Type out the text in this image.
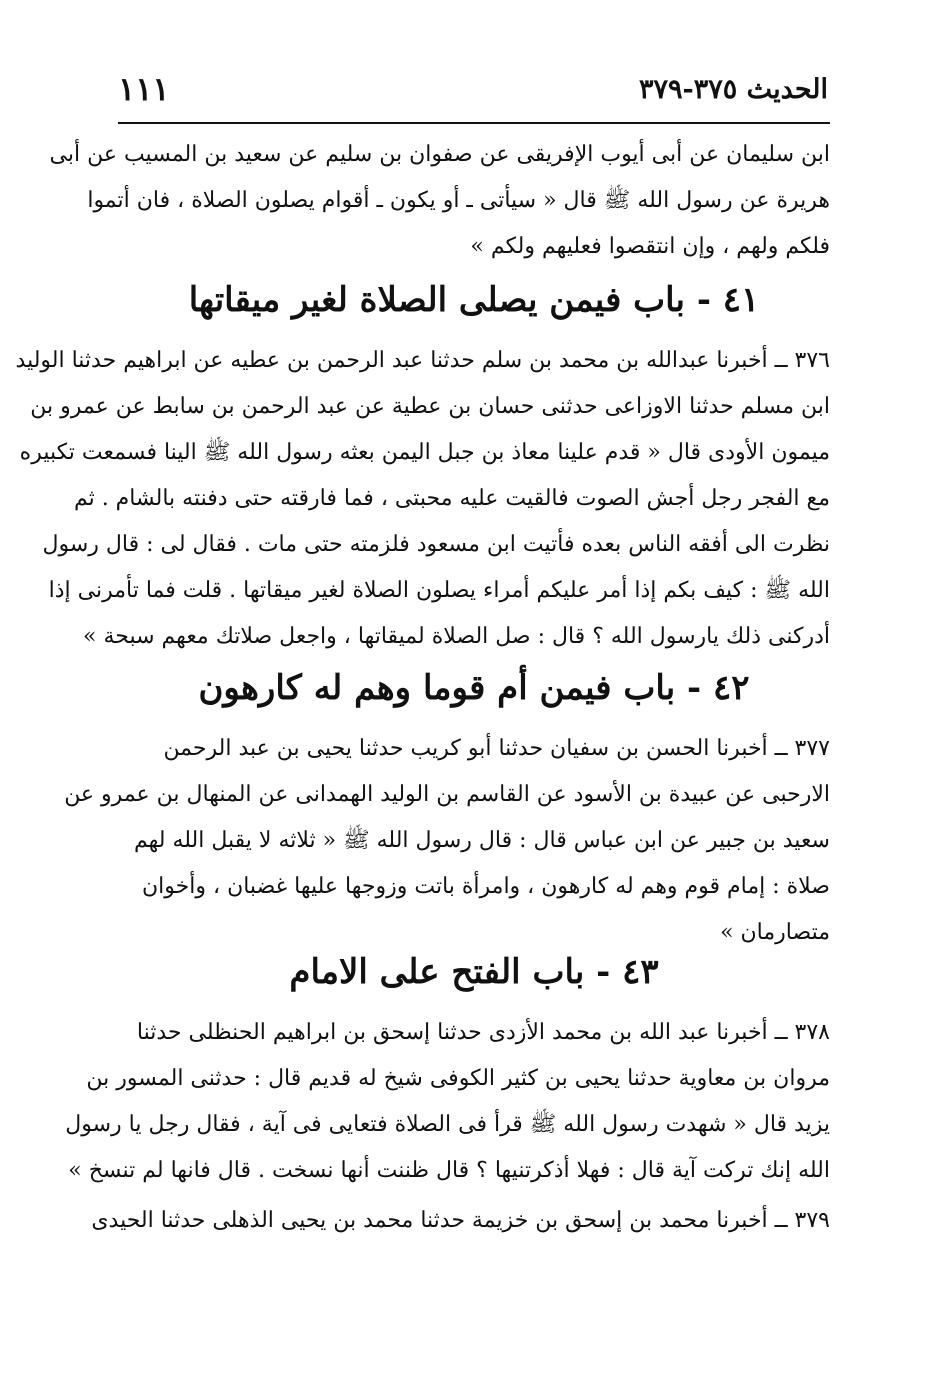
الحديث ٣٧٥-٣٧٩
١١١
ابن سليمان عن أبى أيوب الإفريقى عن صفوان بن سليم عن سعيد بن المسيب عن أبى
هريرة عن رسول الله ﷺ قال « سيأتى ـ أو يكون ـ أقوام يصلون الصلاة ، فان أتموا
فلكم ولهم ، وإن انتقصوا فعليهم ولكم »
٤١ - باب فيمن يصلى الصلاة لغير ميقاتها
٣٧٦ ــ أخبرنا عبدالله بن محمد بن سلم حدثنا عبد الرحمن بن عطيه عن ابراهيم حدثنا الوليد
ابن مسلم حدثنا الاوزاعى حدثنى حسان بن عطية عن عبد الرحمن بن سابط عن عمرو بن
ميمون الأودى قال « قدم علينا معاذ بن جبل اليمن بعثه رسول الله ﷺ الينا فسمعت تكبيره
مع الفجر رجل أجش الصوت فالقيت عليه محبتى ، فما فارقته حتى دفنته بالشام . ثم
نظرت الى أفقه الناس بعده فأتيت ابن مسعود فلزمته حتى مات . فقال لى : قال رسول
الله ﷺ : كيف بكم إذا أمر عليكم أمراء يصلون الصلاة لغير ميقاتها . قلت فما تأمرنى إذا
أدركنى ذلك يارسول الله ؟ قال : صل الصلاة لميقاتها ، واجعل صلاتك معهم سبحة »
٤٢ - باب فيمن أم قوما وهم له كارهون
٣٧٧ ــ أخبرنا الحسن بن سفيان حدثنا أبو كريب حدثنا يحيى بن عبد الرحمن
الارحبى عن عبيدة بن الأسود عن القاسم بن الوليد الهمدانى عن المنهال بن عمرو عن
سعيد بن جبير عن ابن عباس قال : قال رسول الله ﷺ « ثلاثه لا يقبل الله لهم
صلاة : إمام قوم وهم له كارهون ، وامرأة باتت وزوجها عليها غضبان ، وأخوان
متصارمان »
٤٣ - باب الفتح على الامام
٣٧٨ ــ أخبرنا عبد الله بن محمد الأزدى حدثنا إسحق بن ابراهيم الحنظلى حدثنا
مروان بن معاوية حدثنا يحيى بن كثير الكوفى شيخ له قديم قال : حدثنى المسور بن
يزيد قال « شهدت رسول الله ﷺ قرأ فى الصلاة فتعايى فى آية ، فقال رجل يا رسول
الله إنك تركت آية قال : فهلا أذكرتنيها ؟ قال ظننت أنها نسخت . قال فانها لم تنسخ »
٣٧٩ ــ أخبرنا محمد بن إسحق بن خزيمة حدثنا محمد بن يحيى الذهلى حدثنا الحيدى
